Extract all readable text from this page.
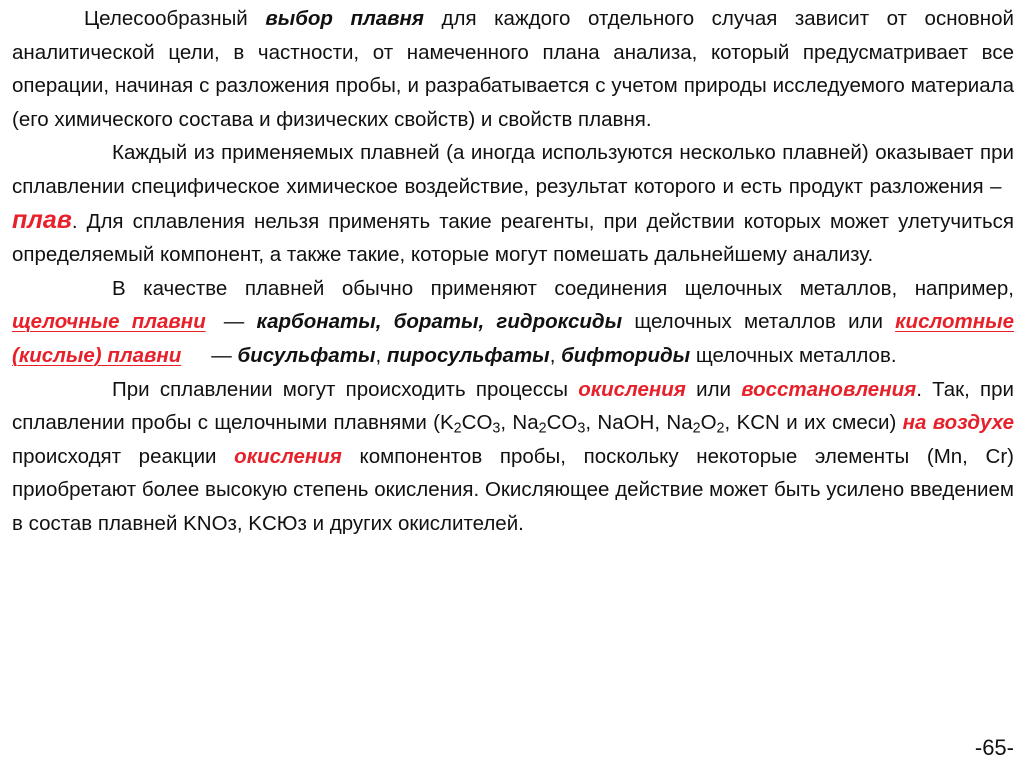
Целесообразный выбор плавня для каждого отдельного случая зависит от основной аналитической цели, в частности, от намеченного плана анализа, который предусматривает все операции, начиная с разложения пробы, и разрабатывается с учетом природы исследуемого материала (его химического состава и физических свойств) и свойств плавня.

Каждый из применяемых плавней (а иногда используются несколько плавней) оказывает при сплавлении специфическое химическое воздействие, результат которого и есть продукт разложения – плав. Для сплавления нельзя применять такие реагенты, при действии которых может улетучиться определяемый компонент, а также такие, которые могут помешать дальнейшему анализу.

В качестве плавней обычно применяют соединения щелочных металлов, например, щелочные плавни — карбонаты, бораты, гидроксиды щелочных металлов или кислотные (кислые) плавни — бисульфаты, пиросульфаты, бифториды щелочных металлов.

При сплавлении могут происходить процессы окисления или восстановления. Так, при сплавлении пробы с щелочными плавнями ($K_2CO_3$, $Na_2CO_3$, NaOH, $Na_2O_2$, KCN и их смеси) на воздухе происходят реакции окисления компонентов пробы, поскольку некоторые элементы (Mn, Cr) приобретают более высокую степень окисления. Окисляющее действие может быть усилено введением в состав плавней KNOз, KCЮз и других окислителей.

-65-
